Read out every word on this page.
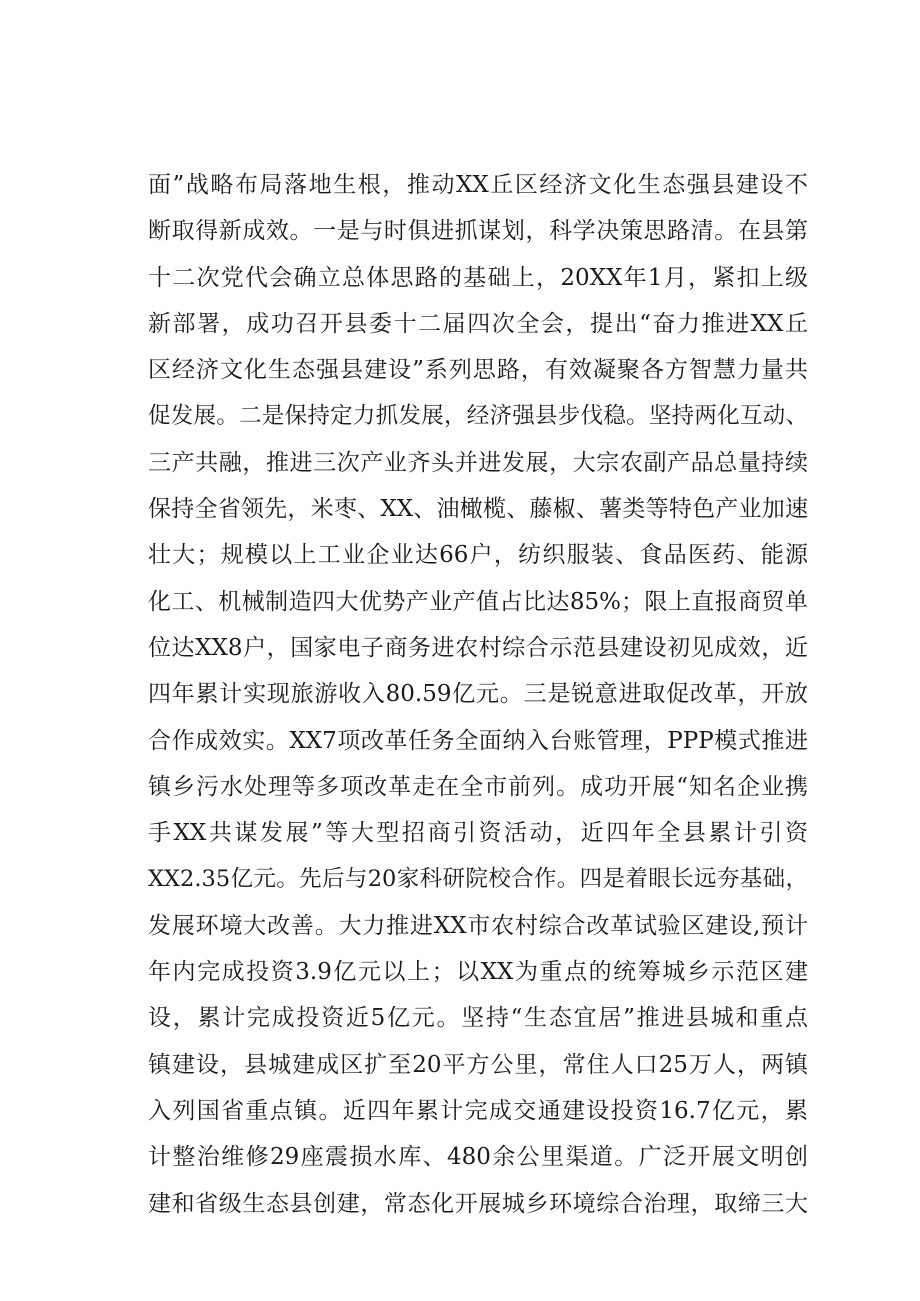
面”战略布局落地生根，推动XX丘区经济文化生态强县建设不
断取得新成效。一是与时俱进抓谋划，科学决策思路清。在县第
十二次党代会确立总体思路的基础上，20XX年1月，紧扣上级
新部署，成功召开县委十二届四次全会，提出“奋力推进XX丘
区经济文化生态强县建设”系列思路，有效凝聚各方智慧力量共
促发展。二是保持定力抓发展，经济强县步伐稳。坚持两化互动、
三产共融，推进三次产业齐头并进发展，大宗农副产品总量持续
保持全省领先，米枣、XX、油橄榄、藤椒、薯类等特色产业加速
壮大；规模以上工业企业达66户，纺织服装、食品医药、能源
化工、机械制造四大优势产业产值占比达85%；限上直报商贸单
位达XX8户，国家电子商务进农村综合示范县建设初见成效，近
四年累计实现旅游收入80.59亿元。三是锐意进取促改革，开放
合作成效实。XX7项改革任务全面纳入台账管理，PPP模式推进
镇乡污水处理等多项改革走在全市前列。成功开展“知名企业携
手XX共谋发展”等大型招商引资活动，近四年全县累计引资
XX2.35亿元。先后与20家科研院校合作。四是着眼长远夯基础，
发展环境大改善。大力推进XX市农村综合改革试验区建设,预计
年内完成投资3.9亿元以上；以XX为重点的统筹城乡示范区建
设，累计完成投资近5亿元。坚持“生态宜居”推进县城和重点
镇建设，县城建成区扩至20平方公里，常住人口25万人，两镇
入列国省重点镇。近四年累计完成交通建设投资16.7亿元，累
计整治维修29座震损水库、480余公里渠道。广泛开展文明创
建和省级生态县创建，常态化开展城乡环境综合治理，取缔三大
